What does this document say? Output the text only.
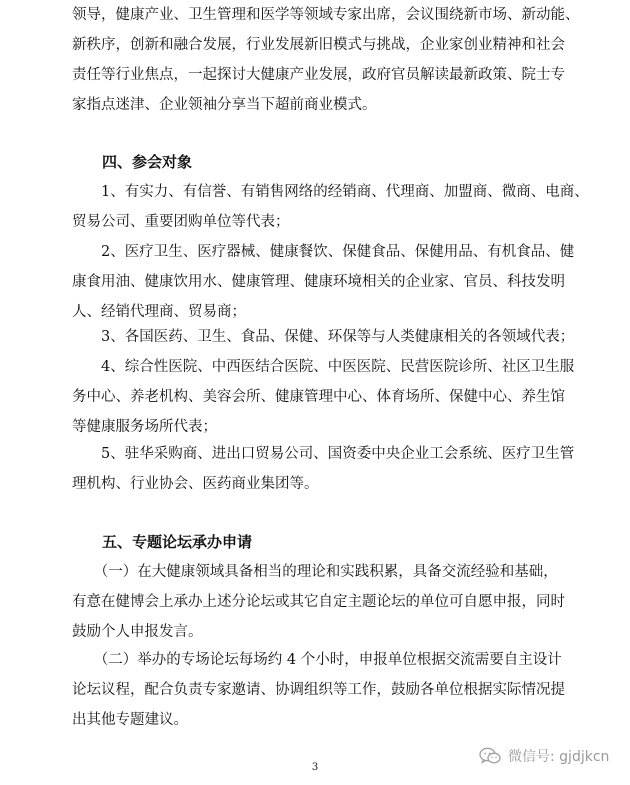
领导，健康产业、卫生管理和医学等领域专家出席，会议围绕新市场、新动能、
新秩序，创新和融合发展，行业发展新旧模式与挑战，企业家创业精神和社会
责任等行业焦点，一起探讨大健康产业发展，政府官员解读最新政策、院士专
家指点迷津、企业领袖分享当下超前商业模式。
四、参会对象
　　1、有实力、有信誉、有销售网络的经销商、代理商、加盟商、微商、电商、
贸易公司、重要团购单位等代表；
　　2、医疗卫生、医疗器械、健康餐饮、保健食品、保健用品、有机食品、健
康食用油、健康饮用水、健康管理、健康环境相关的企业家、官员、科技发明
人、经销代理商、贸易商；
　　3、各国医药、卫生、食品、保健、环保等与人类健康相关的各领域代表；
　　4、综合性医院、中西医结合医院、中医医院、民营医院诊所、社区卫生服
务中心、养老机构、美容会所、健康管理中心、体育场所、保健中心、养生馆
等健康服务场所代表；
　　5、驻华采购商、进出口贸易公司、国资委中央企业工会系统、医疗卫生管
理机构、行业协会、医药商业集团等。
五、专题论坛承办申请
　　（一）在大健康领域具备相当的理论和实践积累，具备交流经验和基础，
有意在健博会上承办上述分论坛或其它自定主题论坛的单位可自愿申报，同时
鼓励个人申报发言。
　　（二）举办的专场论坛每场约 4 个小时，申报单位根据交流需要自主设计
论坛议程，配合负责专家邀请、协调组织等工作，鼓励各单位根据实际情况提
出其他专题建议。
微信号: gjdjkcn
3
